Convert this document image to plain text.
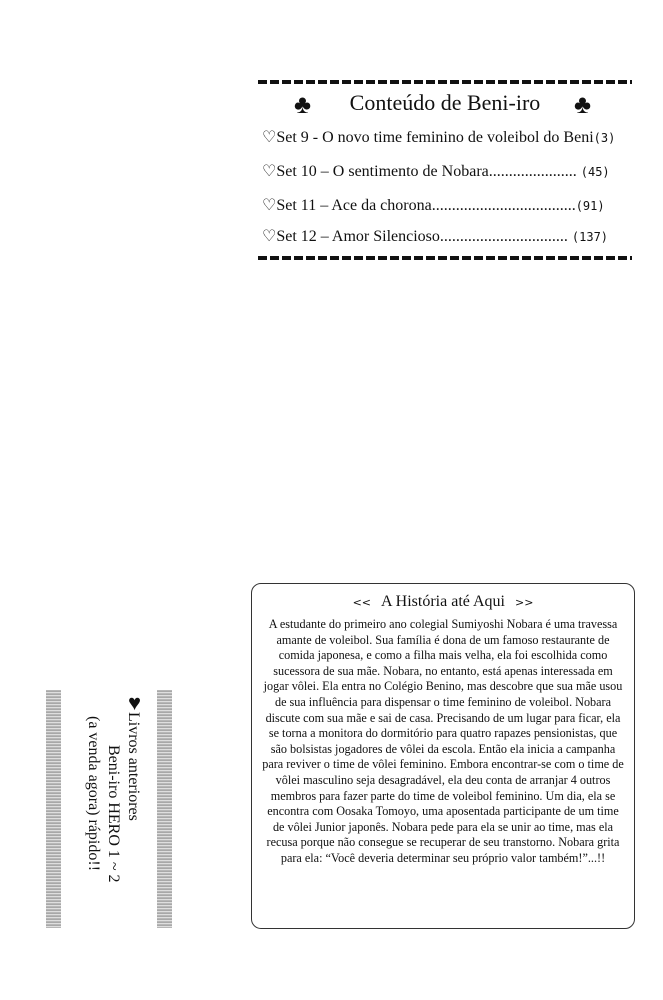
♣	Conteúdo de Beni-iro	♣
♡Set 9 - O novo time feminino de voleibol do Beni(3)
♡Set 10 – O sentimento de Nobara...................... (45)
♡Set 11 – Ace da chorona....................................(91)
♡Set 12 – Amor Silencioso................................ (137)
<< A História até Aqui >>
A estudante do primeiro ano colegial Sumiyoshi Nobara é uma travessa amante de voleibol. Sua família é dona de um famoso restaurante de comida japonesa, e como a filha mais velha, ela foi escolhida como sucessora de sua mãe. Nobara, no entanto, está apenas interessada em jogar vôlei. Ela entra no Colégio Benino, mas descobre que sua mãe usou de sua influência para dispensar o time feminino de voleibol. Nobara discute com sua mãe e sai de casa. Precisando de um lugar para ficar, ela se torna a monitora do dormitório para quatro rapazes pensionistas, que são bolsistas jogadores de vôlei da escola. Então ela inicia a campanha para reviver o time de vôlei feminino. Embora encontrar-se com o time de vôlei masculino seja desagradável, ela deu conta de arranjar 4 outros membros para fazer parte do time de voleibol feminino. Um dia, ela se encontra com Oosaka Tomoyo, uma aposentada participante de um time de vôlei Junior japonês. Nobara pede para ela se unir ao time, mas ela recusa porque não consegue se recuperar de seu transtorno. Nobara grita para ela: “Você deveria determinar seu próprio valor também!”...!!
♥
Livros anteriores
Beni-iro HERO 1 ~ 2
(a venda agora) rápido!!
